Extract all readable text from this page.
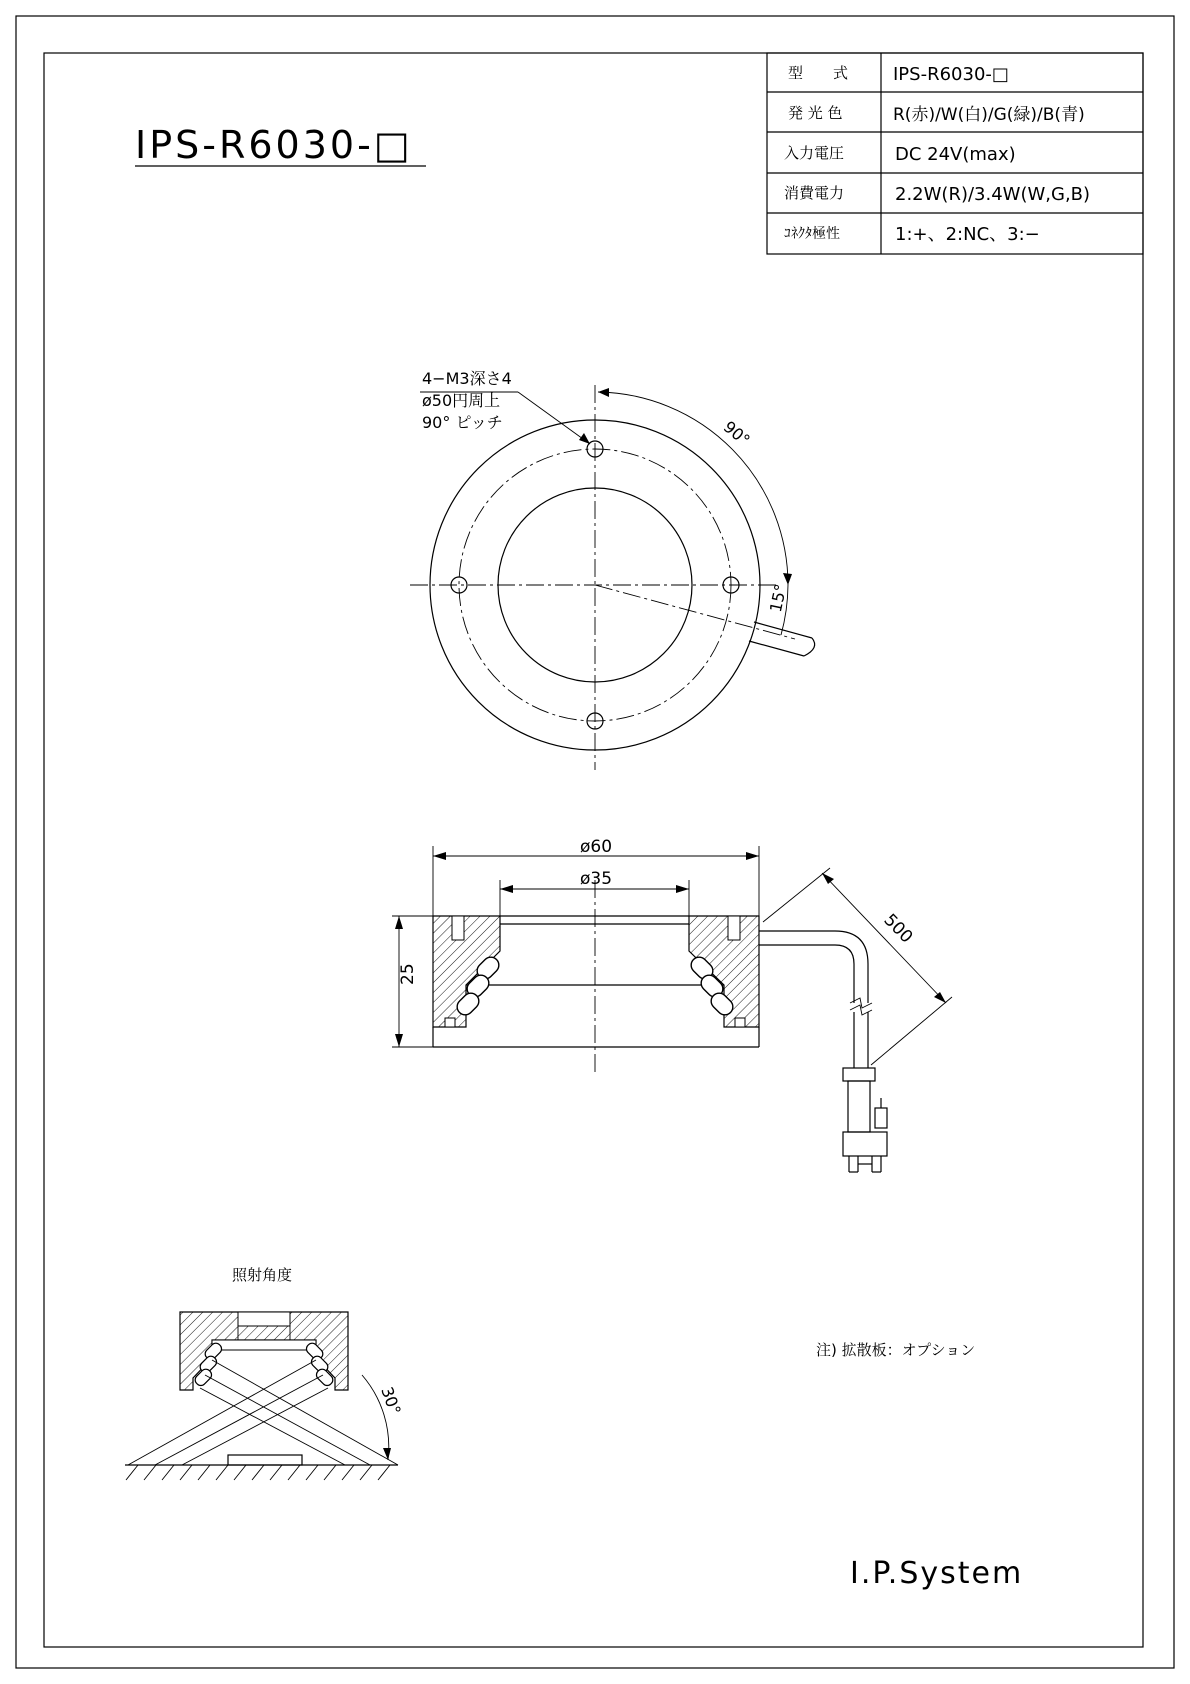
IPS-R6030-□
型　　式 IPS-R6030-□
発 光 色	R(赤)/W(白)/G(緑)/B(青)
入力電圧	DC 24V(max)
消費電力	2.2W(R)/3.4W(W,G,B)
ｺﾈｸﾀ極性	1:+、2:NC、3:−
4−M3深さ4
ø50円周上
90° ピッチ	90°
15°
ø60
ø35
25
500
照射角度
30°
注) 拡散板：オプション
I.P.System
